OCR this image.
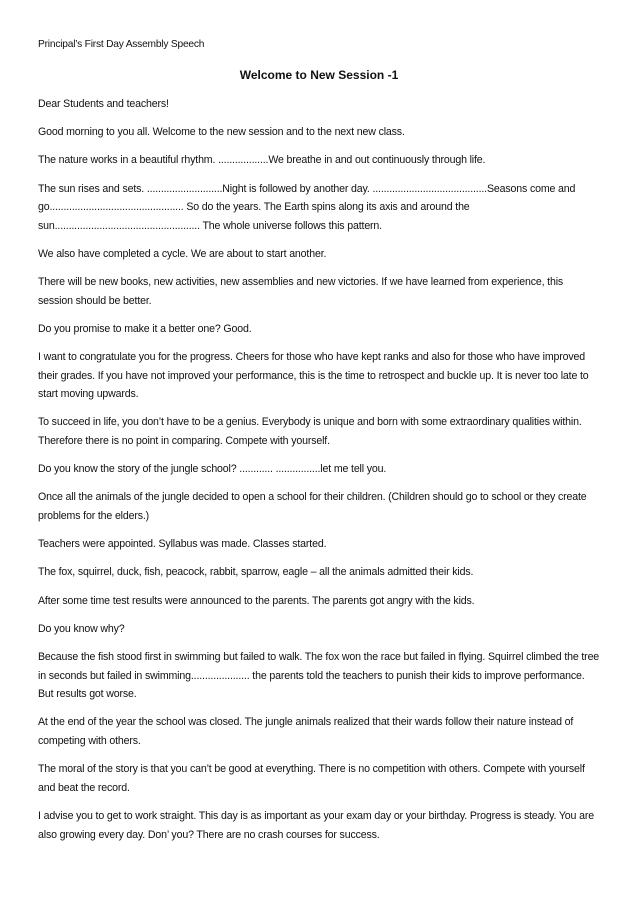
Principal’s First Day Assembly Speech
Welcome to New Session -1

Dear Students and teachers!

Good morning to you all. Welcome to the new session and to the next new class.

The nature works in a beautiful rhythm. ..................We breathe in and out continuously through life.

The sun rises and sets. ...........................Night is followed by another day. .........................................Seasons come and go................................................ So do the years. The Earth spins along its axis and around the sun.................................................... The whole universe follows this pattern.

We also have completed a cycle. We are about to start another.

There will be new books, new activities, new assemblies and new victories. If we have learned from experience, this session should be better.

Do you promise to make it a better one? Good.

I want to congratulate you for the progress. Cheers for those who have kept ranks and also for those who have improved their grades. If you have not improved your performance, this is the time to retrospect and buckle up. It is never too late to start moving upwards.

To succeed in life, you don’t have to be a genius. Everybody is unique and born with some extraordinary qualities within. Therefore there is no point in comparing. Compete with yourself.

Do you know the story of the jungle school? ............ ................let me tell you.

Once all the animals of the jungle decided to open a school for their children. (Children should go to school or they create problems for the elders.)

Teachers were appointed. Syllabus was made. Classes started.

The fox, squirrel, duck, fish, peacock, rabbit, sparrow, eagle – all the animals admitted their kids.

After some time test results were announced to the parents. The parents got angry with the kids.

Do you know why?

Because the fish stood first in swimming but failed to walk. The fox won the race but failed in flying. Squirrel climbed the tree in seconds but failed in swimming..................... the parents told the teachers to punish their kids to improve performance. But results got worse.

At the end of the year the school was closed. The jungle animals realized that their wards follow their nature instead of competing with others.

The moral of the story is that you can’t be good at everything. There is no competition with others. Compete with yourself and beat the record.

I advise you to get to work straight. This day is as important as your exam day or your birthday. Progress is steady. You are also growing every day. Don’ you? There are no crash courses for success.
